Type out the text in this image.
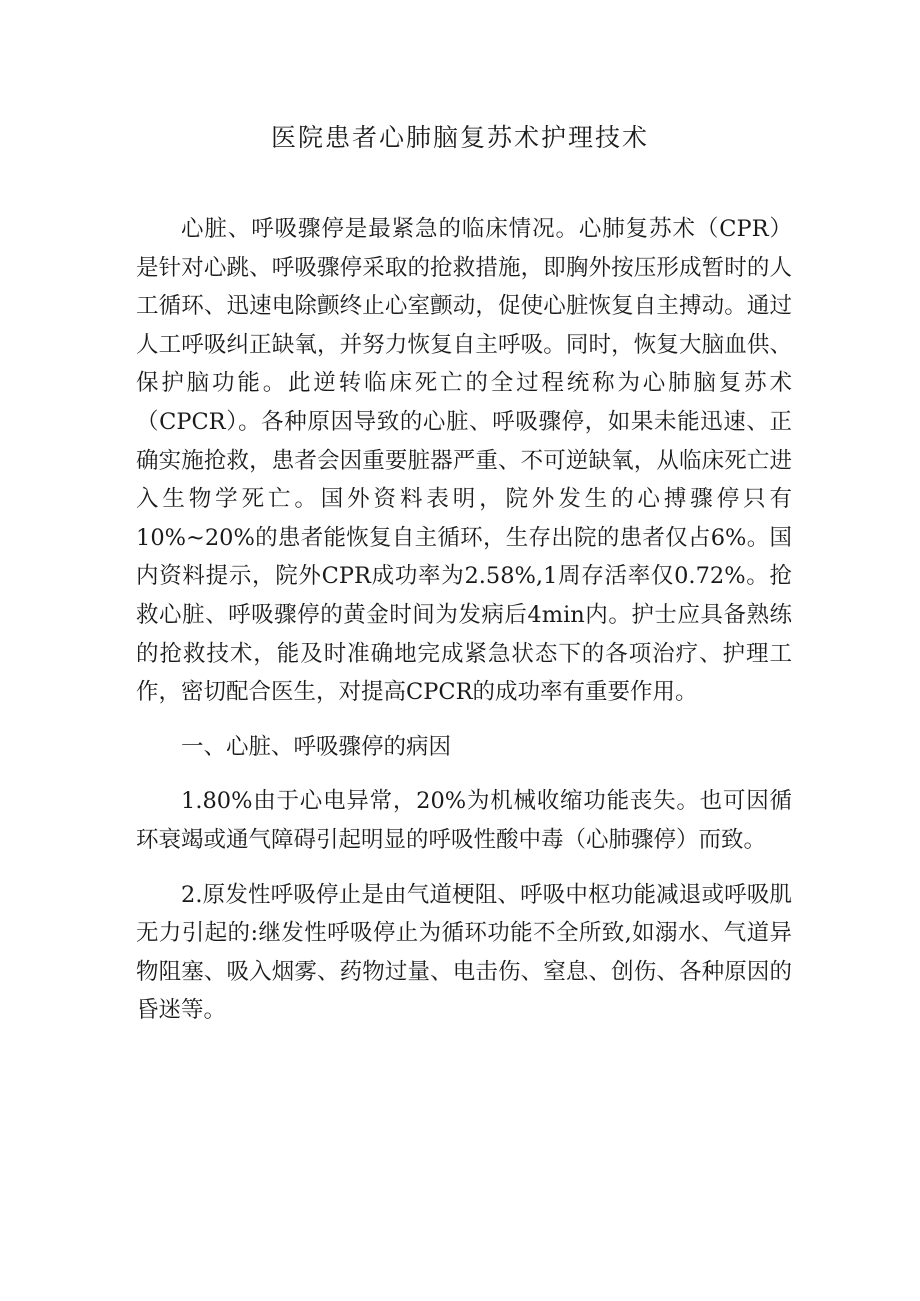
医院患者心肺脑复苏术护理技术

心脏、呼吸骤停是最紧急的临床情况。心肺复苏术（CPR）是针对心跳、呼吸骤停采取的抢救措施，即胸外按压形成暂时的人工循环、迅速电除颤终止心室颤动，促使心脏恢复自主搏动。通过人工呼吸纠正缺氧，并努力恢复自主呼吸。同时，恢复大脑血供、保护脑功能。此逆转临床死亡的全过程统称为心肺脑复苏术（CPCR）。各种原因导致的心脏、呼吸骤停，如果未能迅速、正确实施抢救，患者会因重要脏器严重、不可逆缺氧，从临床死亡进入生物学死亡。国外资料表明，院外发生的心搏骤停只有10%~20%的患者能恢复自主循环，生存出院的患者仅占6%。国内资料提示，院外CPR成功率为2.58%,1周存活率仅0.72%。抢救心脏、呼吸骤停的黄金时间为发病后4min内。护士应具备熟练的抢救技术，能及时准确地完成紧急状态下的各项治疗、护理工作，密切配合医生，对提高CPCR的成功率有重要作用。

一、心脏、呼吸骤停的病因

1.80%由于心电异常，20%为机械收缩功能丧失。也可因循环衰竭或通气障碍引起明显的呼吸性酸中毒（心肺骤停）而致。

2.原发性呼吸停止是由气道梗阻、呼吸中枢功能减退或呼吸肌无力引起的:继发性呼吸停止为循环功能不全所致,如溺水、气道异物阻塞、吸入烟雾、药物过量、电击伤、窒息、创伤、各种原因的昏迷等。
